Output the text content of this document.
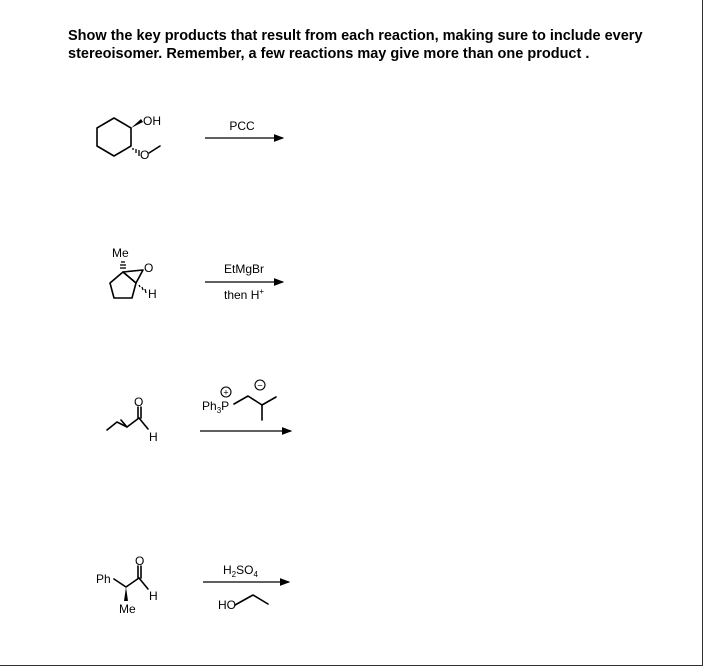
Show the key products that result from each reaction, making sure to include every
stereoisomer. Remember, a few reactions may give more than one product .
OH
O
PCC
Me
O
H
EtMgBr
then H+
O
H
+
−
$Ph_3P$
Ph
O
H
Me
$H_2SO_4$
HO
